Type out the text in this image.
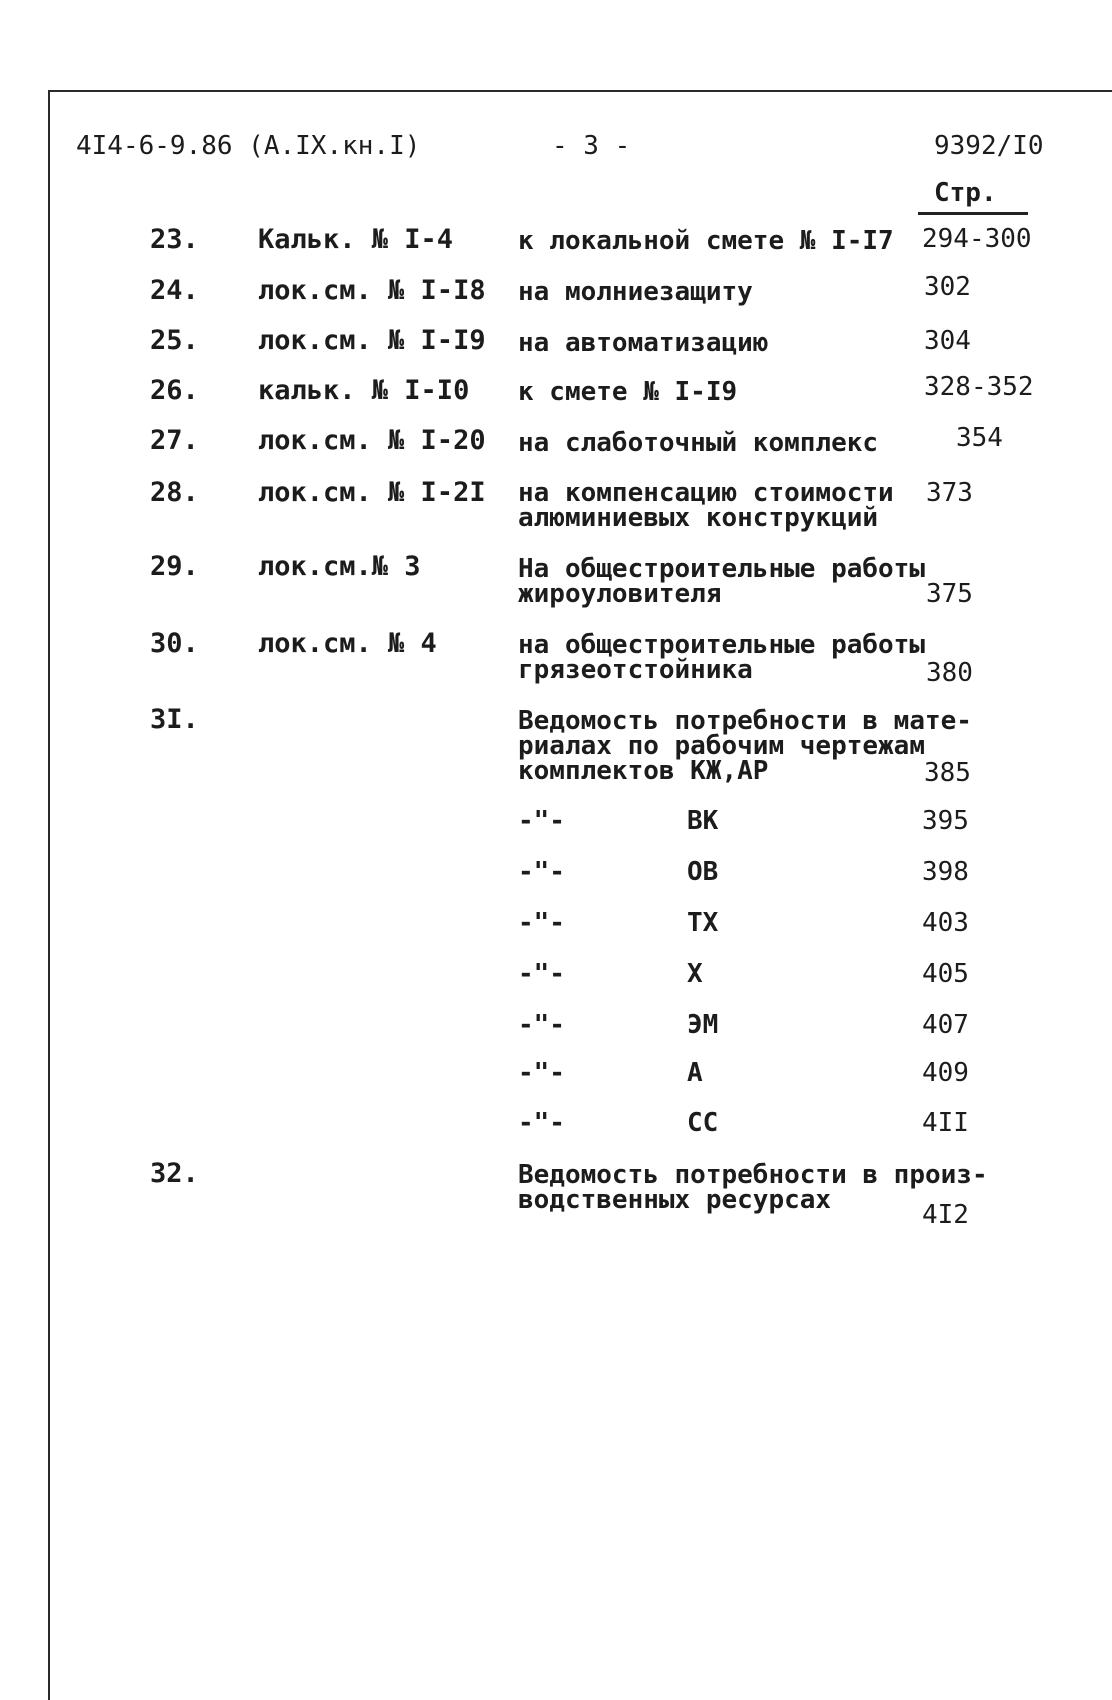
4I4-6-9.86 (А.IX.кн.I)	- 3 -	9392/I0
Стр.
23. Кальк. № I-4 к локальной смете № I-I7 294-300
24. лок.см. № I-I8 на молниезащиту	302
25. лок.см. № I-I9 на автоматизацию	304
26. кальк. № I-I0 к смете № I-I9	328-352
27. лок.см. № I-20 на слаботочный комплекс	354
28. лок.см. № I-2I на компенсацию стоимости
алюминиевых конструкций
373
29. лок.см.№ 3	На общестроительные работы
жироуловителя	375
30. лок.см. № 4	на общестроительные работы
грязеотстойника	380
3I.	Ведомость потребности в мате-
риалах по рабочим чертежам
комплектов КЖ,АР	385
-"-	ВК	395
-"-	ОВ	398
-"-	ТХ	403
-"-	Х	405
-"-	ЭМ	407
-"-	А	409
-"-	СС	4II
32.	Ведомость потребности в произ-
водственных ресурсах	4I2
